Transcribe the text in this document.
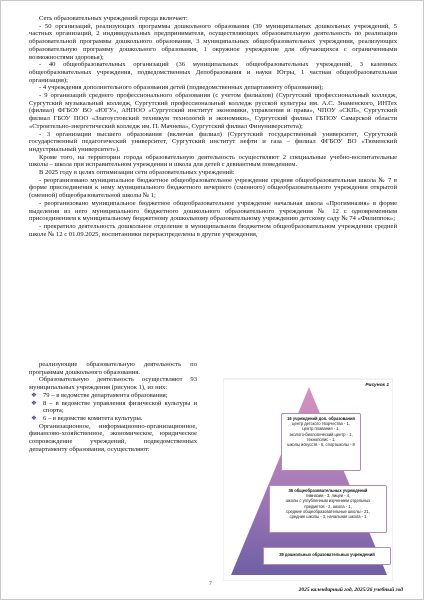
Сеть образовательных учреждений города включает:

- 50 организаций, реализующих программы дошкольного образования (39 муниципальных дошкольных учреждений, 5 частных организаций, 2 индивидуальных предпринимателя, осуществляющих образовательную деятельность по реализации образовательной программы дошкольного образования, 3 муниципальных общеобразовательных учреждения, реализующих образовательную программу дошкольного образования, 1 окружное учреждение для обучающихся с ограниченными возможностями здоровья);

- 40 общеобразовательных организаций (36 муниципальных общеобразовательных учреждений, 3 казенных общеобразовательных учреждения, подведомственных Депобразования и науки Югры, 1 частная общеобразовательная организация);

- 4 учреждения дополнительного образования детей (подведомственных департаменту образования);

- 9 организаций среднего профессионального образования (с учетом филиалов) (Сургутский профессиональный колледж, Сургутский музыкальный колледж, Сургутский профессиональный колледж русской культуры им. А.С. Знаменского, ИНТех (филиал) ФГБОУ ВО «ЮГУ», АНПОО «Сургутский институт экономики, управления и права», ЧПОУ «СКП», Сургутский филиал ГБОУ ПОО «Златоустовский техникум технологий и экономики», Сургутский филиал ГБПОУ Самарской области «Строительно-энергетический колледж им. П. Мачнева», Сургутский филиал Финуниверситета);

- 3 организации высшего образования (включая филиал) (Сургутский государственный университет, Сургутский государственный педагогический университет, Сургутский институт нефти и газа – филиал ФГБОУ ВО «Тюменский индустриальный университет»).

Кроме того, на территории города образовательную деятельность осуществляют 2 специальные учебно-воспитательные школы – школа при исправительном учреждении и школа для детей с девиантным поведением.

В 2025 году в целях оптимизации сети образовательных учреждений:

- реорганизовано муниципальное бюджетное общеобразовательное учреждение средняя общеобразовательная школа № 7 в форме присоединения к нему муниципального бюджетного вечернего (сменного) общеобразовательного учреждения открытой (сменной) общеобразовательной школы № 1;

- реорганизовано муниципальное бюджетное общеобразовательное учреждение начальная школа «Прогимназия» в форме выделения из него муниципального бюджетного дошкольного образовательного учреждения № 12 с одновременным присоединением к муниципальному бюджетному дошкольному образовательному учреждению детскому саду № 74 «Филиппок»;

- прекратило деятельность дошкольное отделение в муниципальном бюджетном общеобразовательном учреждении средней школе № 12 с 01.09.2025, воспитанники перераспределены в другие учреждения,

реализующие образовательную деятельность по программам дошкольного образования.

Образовательную деятельность осуществляют 93 муниципальных учреждения (рисунок 1), из них:

❖ 79 – в ведомстве департамента образования;

❖ 8 – в ведомстве управления физической культуры и спорта;

❖ 6 – в ведомстве комитета культуры.

Организационное, информационно-организационное, финансово-хозяйственное, экономическое, юридическое сопровождение учреждений, подведомственных департаменту образования, осуществляют:

Рисунок 1
16 учреждений доп. образования
центр детского творчества - 1,
центр плавания - 1,
эколого-биологический центр - 1,
технополис - 1,
школы искусств - 6, спортшколы - 8
36 общеобразовательных учреждений
гимназии - 3, лицеи - 4,
школы с углубленным изучением отдельных
предметов - 2, школа - 1,
средние общеобразовательные школы - 21,
средние школы - 3, начальная школа - 1
39 дошкольных образовательных учреждений
7
2025 календарный год, 2025/26 учебный год
